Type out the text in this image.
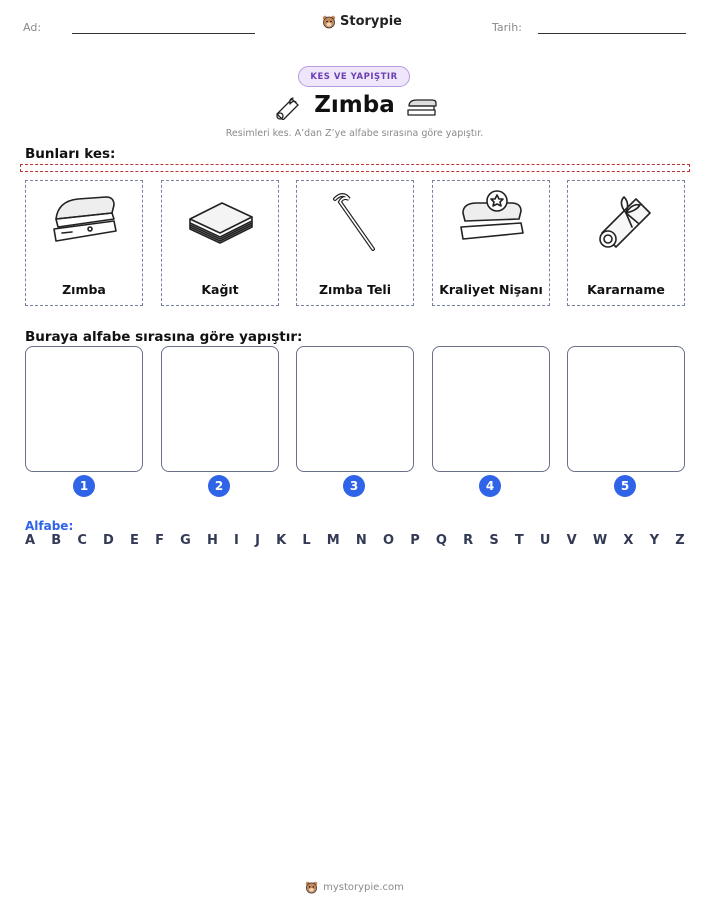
Ad:	Storypie	Tarih:
KES VE YAPIŞTIR
Zımba
Resimleri kes. A’dan Z’ye alfabe sırasına göre yapıştır.
Bunları kes:
Zımba	Kağıt	Zımba Teli	Kraliyet Nişanı	Kararname
Buraya alfabe sırasına göre yapıştır:
1	2	3	4	5
Alfabe:
A B C D E F G H I J K L M N O P Q R S T U V W X Y Z
mystorypie.com
